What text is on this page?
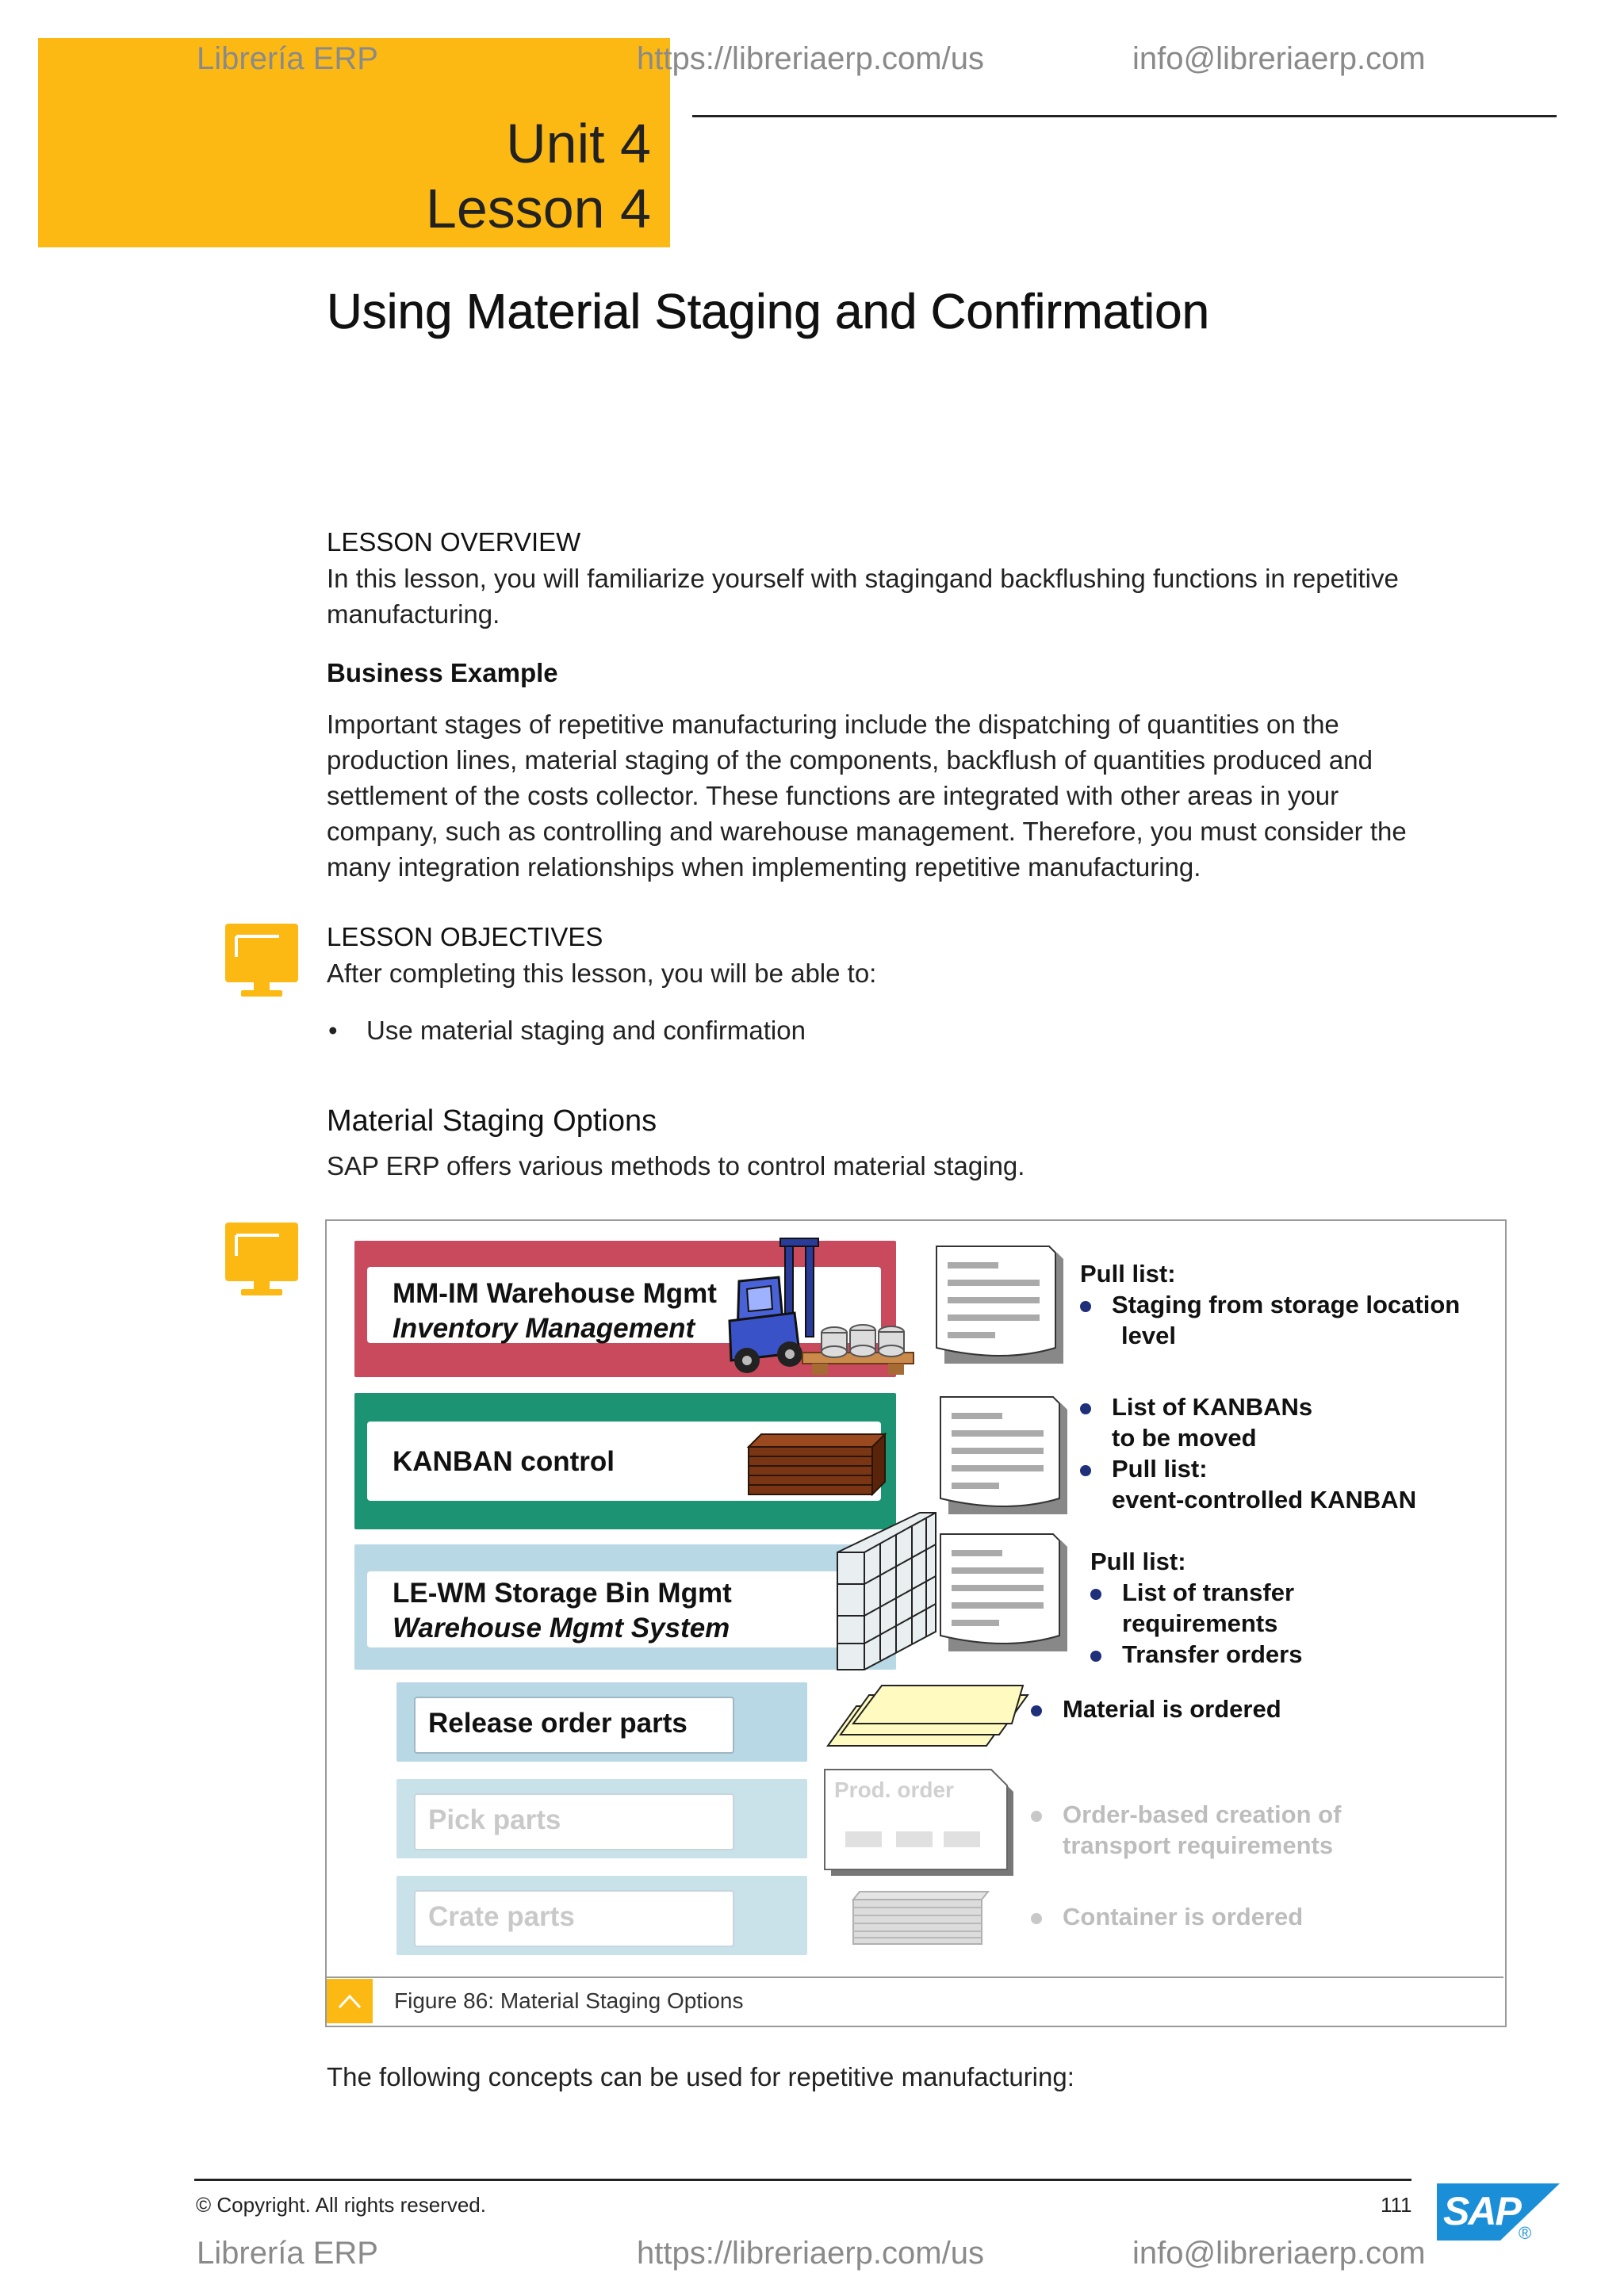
Librería ERP
Unit 4
Lesson 4
https://libreriaerp.com/us	info@libreriaerp.com
Using Material Staging and Confirmation
LESSON OVERVIEW
In this lesson, you will familiarize yourself with stagingand backflushing functions in repetitive
manufacturing.
Business Example
Important stages of repetitive manufacturing include the dispatching of quantities on the
production lines, material staging of the components, backflush of quantities produced and
settlement of the costs collector. These functions are integrated with other areas in your
company, such as controlling and warehouse management. Therefore, you must consider the
many integration relationships when implementing repetitive manufacturing.
LESSON OBJECTIVES
After completing this lesson, you will be able to:
• Use material staging and confirmation
Material Staging Options
SAP ERP offers various methods to control material staging.
MM-IM Warehouse Mgmt
Inventory Management
KANBAN control
LE-WM Storage Bin Mgmt
Warehouse Mgmt System
Release order parts
Pick parts
Crate parts
Prod. order
Pull list:
Staging from storage location
level
List of KANBANs
to be moved
Pull list:
event-controlled KANBAN
Pull list:
List of transfer
requirements
Transfer orders
Material is ordered
Order-based creation of
transport requirements
Container is ordered
Figure 86: Material Staging Options
The following concepts can be used for repetitive manufacturing:
© Copyright. All rights reserved.	111 SAP
®
Librería ERP	https://libreriaerp.com/us	info@libreriaerp.com
